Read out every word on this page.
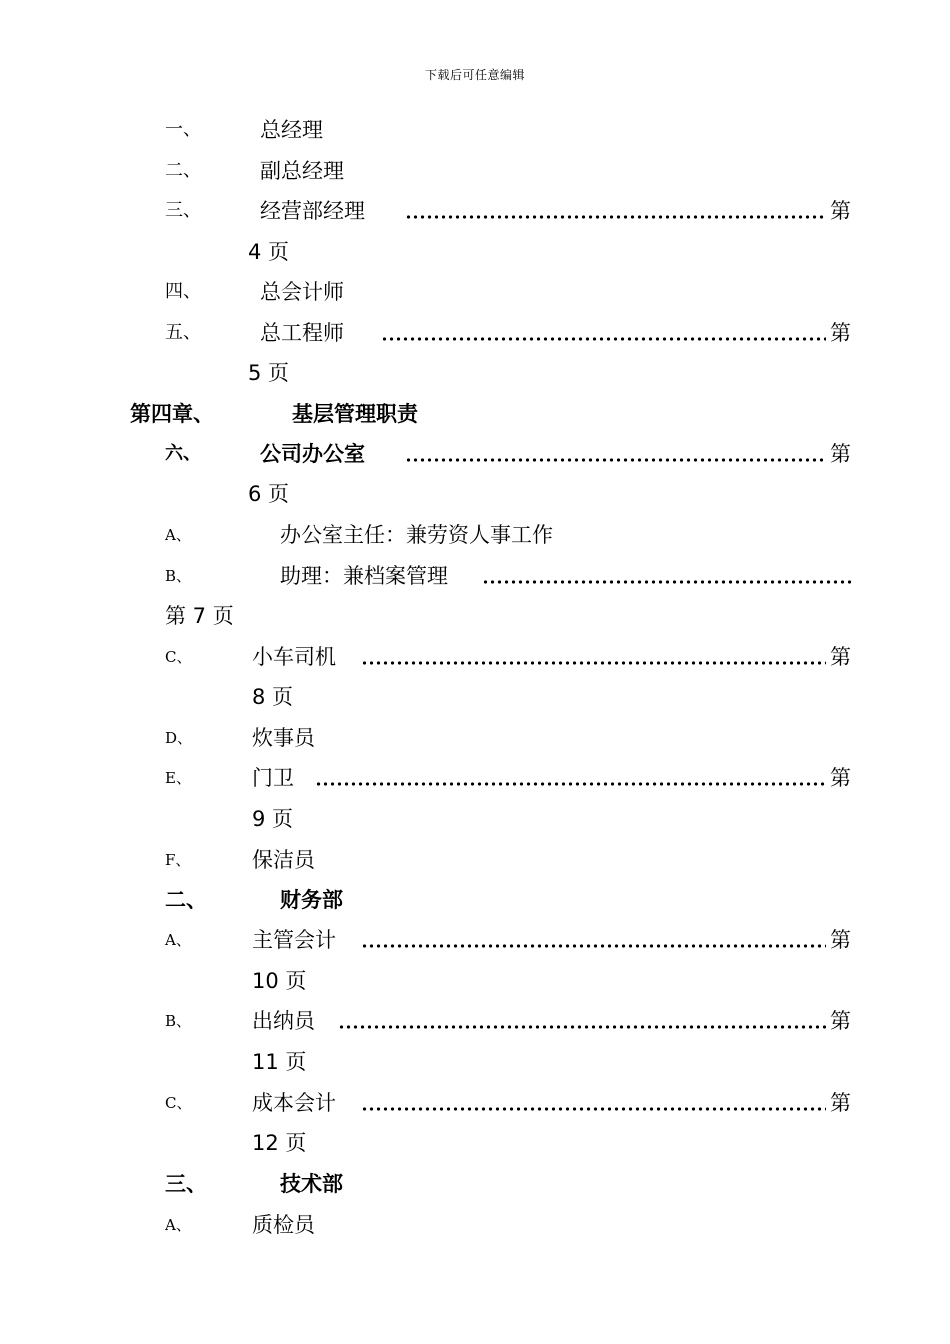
下载后可任意编辑
一、	总经理
二、	副总经理
三、	经营部经理	第
4 页
四、	总会计师
五、	总工程师	第
5 页
第四章、	基层管理职责
六、	公司办公室	第
6 页
A、	办公室主任：兼劳资人事工作
B、	助理：兼档案管理
第 7 页
C、	小车司机	第
8 页
D、	炊事员
E、	门卫	第
9 页
F、	保洁员
二、	财务部
A、	主管会计	第
10 页
B、	出纳员	第
11 页
C、	成本会计	第
12 页
三、	技术部
A、	质检员
